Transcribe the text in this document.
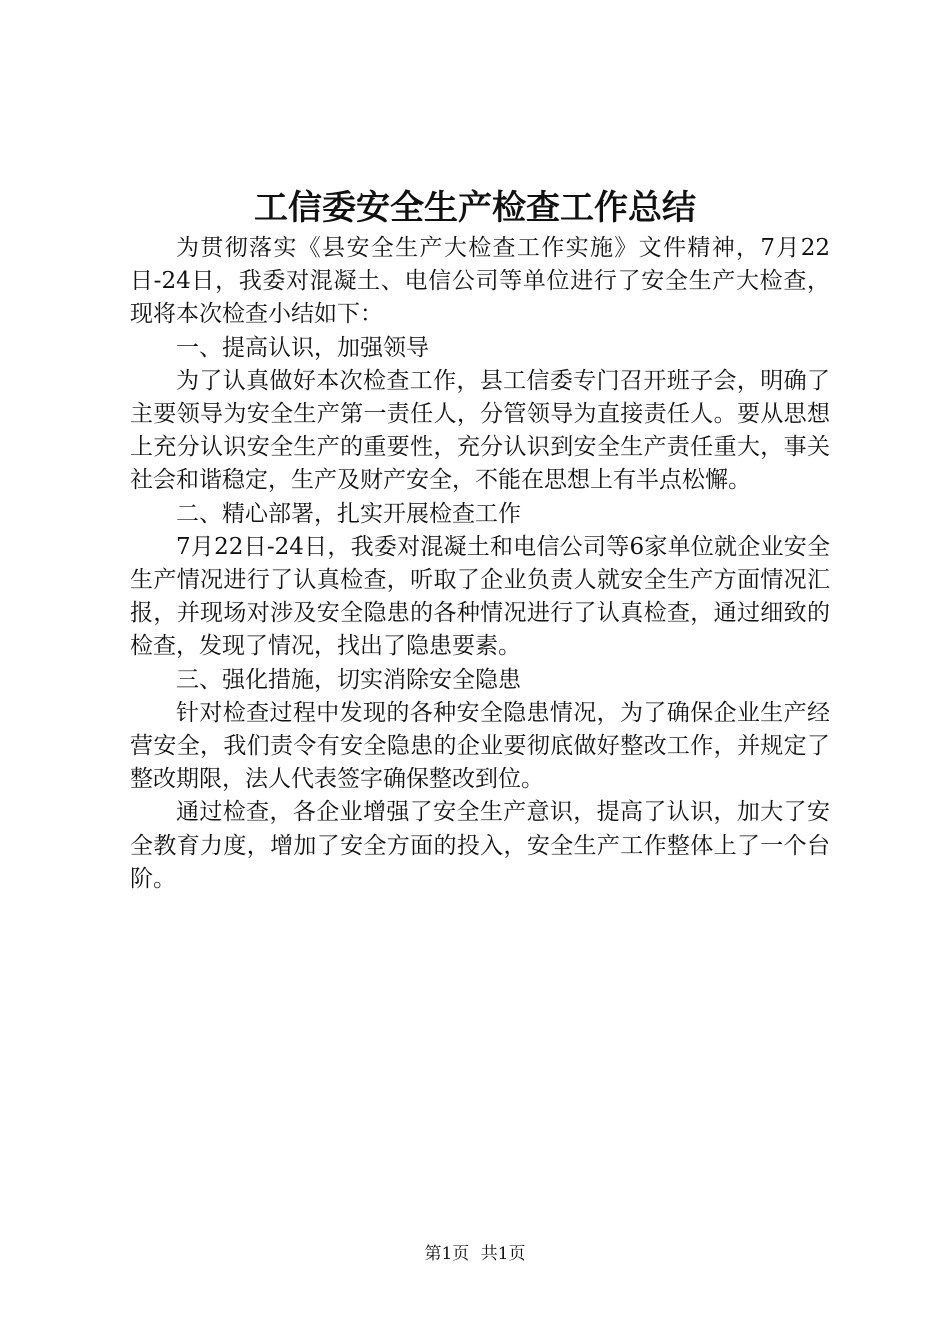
工信委安全生产检查工作总结

为贯彻落实《县安全生产大检查工作实施》文件精神，7月22日-24日，我委对混凝土、电信公司等单位进行了安全生产大检查，现将本次检查小结如下：

一、提高认识，加强领导

为了认真做好本次检查工作，县工信委专门召开班子会，明确了主要领导为安全生产第一责任人，分管领导为直接责任人。要从思想上充分认识安全生产的重要性，充分认识到安全生产责任重大，事关社会和谐稳定，生产及财产安全，不能在思想上有半点松懈。

二、精心部署，扎实开展检查工作

7月22日-24日，我委对混凝土和电信公司等6家单位就企业安全生产情况进行了认真检查，听取了企业负责人就安全生产方面情况汇报，并现场对涉及安全隐患的各种情况进行了认真检查，通过细致的检查，发现了情况，找出了隐患要素。

三、强化措施，切实消除安全隐患

针对检查过程中发现的各种安全隐患情况，为了确保企业生产经营安全，我们责令有安全隐患的企业要彻底做好整改工作，并规定了整改期限，法人代表签字确保整改到位。

通过检查，各企业增强了安全生产意识，提高了认识，加大了安全教育力度，增加了安全方面的投入，安全生产工作整体上了一个台阶。

第1页 共1页
